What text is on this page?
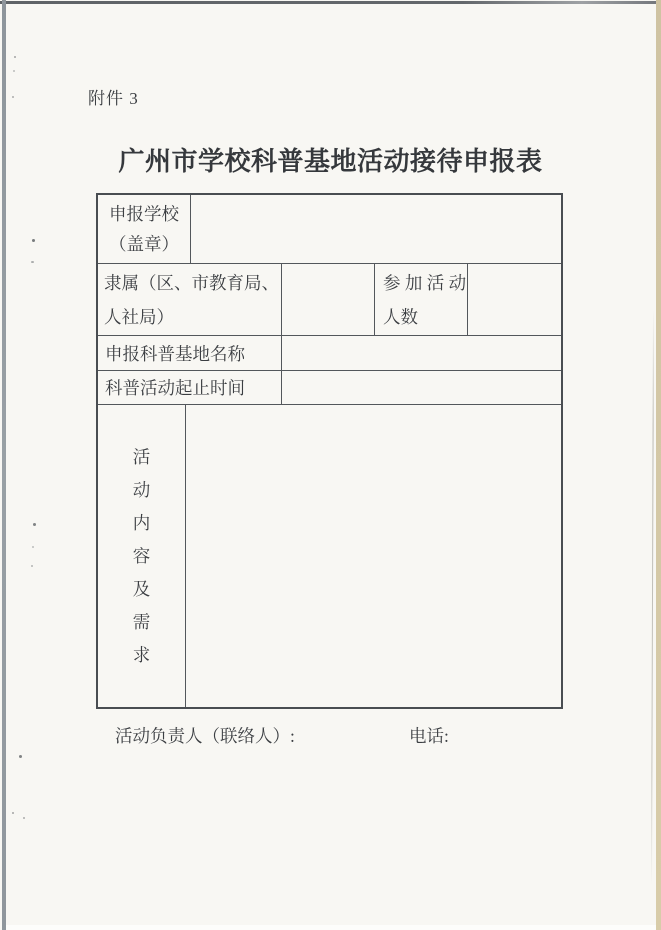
附件 3
广州市学校科普基地活动接待申报表
申报学校
（盖章）
隶属（区、市教育局、
人社局）
参 加 活 动
人数
申报科普基地名称
科普活动起止时间
活
动
内
容
及
需
求
活动负责人（联络人）:	电话:
